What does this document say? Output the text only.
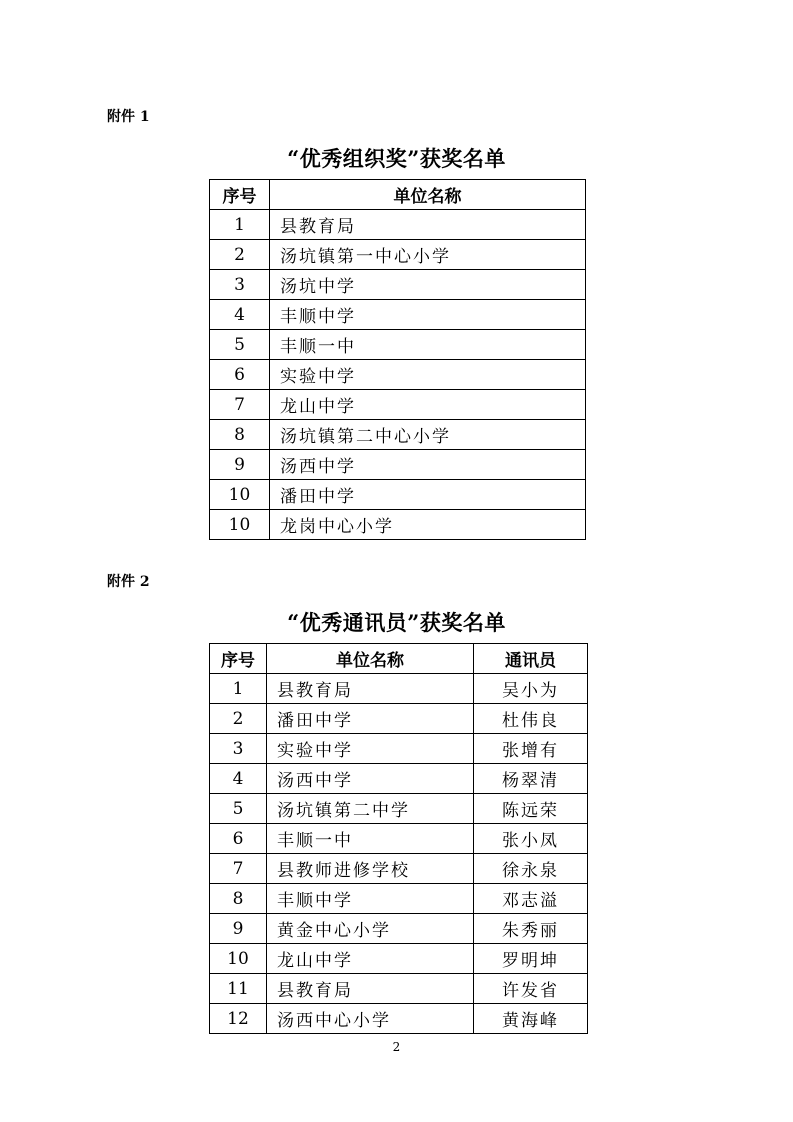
附件 1
“优秀组织奖”获奖名单
序号	单位名称
1	县教育局
2	汤坑镇第一中心小学
3	汤坑中学
4	丰顺中学
5	丰顺一中
6	实验中学
7	龙山中学
8	汤坑镇第二中心小学
9	汤西中学
10	潘田中学
10	龙岗中心小学
附件 2
“优秀通讯员”获奖名单
序号	单位名称	通讯员
1	县教育局	吴小为
2	潘田中学	杜伟良
3	实验中学	张增有
4	汤西中学	杨翠清
5	汤坑镇第二中学	陈远荣
6	丰顺一中	张小凤
7	县教师进修学校	徐永泉
8	丰顺中学	邓志溢
9	黄金中心小学	朱秀丽
10	龙山中学	罗明坤
11	县教育局	许发省
12	汤西中心小学	黄海峰
2
